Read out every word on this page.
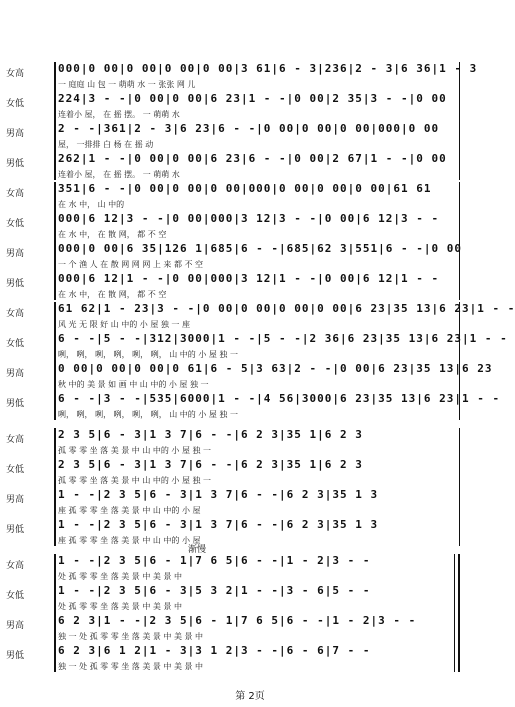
女高	000|0 00|0 00|0 00|0 00|3 61|6 - 3|236|2 - 3|6 36|1 - 3
一 庭庭 山 包 一 萌萌 水 一 张张 网 儿
女低	224|3 - -|0 00|0 00|6 23|1 - -|0 00|2 35|3 - -|0 00
连着小 屋， 在 摇 摆。 一 萌萌 水
男高	2 - -|361|2 - 3|6 23|6 - -|0 00|0 00|0 00|000|0 00
屋， 一排排 白 杨 在 摇 动
男低	262|1 - -|0 00|0 00|6 23|6 - -|0 00|2 67|1 - -|0 00
连着小 屋， 在 摇 摆。 一 萌萌 水
女高	351|6 - -|0 00|0 00|0 00|000|0 00|0 00|0 00|61 61
在 水 中， 山 中的
女低	000|6 12|3 - -|0 00|000|3 12|3 - -|0 00|6 12|3 - -
在 水 中， 在 散 网， 都 不 空
男高	000|0 00|6 35|126 1|685|6 - -|685|62 3|551|6 - -|0 00
一 个 渔 人 在 散 网 网 网 上 来 都 不 空
男低	000|6 12|1 - -|0 00|000|3 12|1 - -|0 00|6 12|1 - -
在 水 中， 在 散 网， 都 不 空
女高	61 62|1 - 23|3 - -|0 00|0 00|0 00|0 00|6 23|35 13|6 23|1 - -
风 光 无 限 好 山 中的 小 屋 独 一 座
女低	6 - -|5 - -|312|3000|1 - -|5 - -|2 36|6 23|35 13|6 23|1 - -
咧， 咧， 咧， 咧， 咧， 咧， 山 中的 小 屋 独 一
男高	0 00|0 00|0 00|0 61|6 - 5|3 63|2 - -|0 00|6 23|35 13|6 23
秋 中的 美 景 如 画 中 山 中的 小 屋 独 一
男低	6 - -|3 - -|535|6000|1 - -|4 56|3000|6 23|35 13|6 23|1 - -
咧， 咧， 咧， 咧， 咧， 咧， 山 中的 小 屋 独 一
女高	2 3 5|6 - 3|1 3 7|6 - -|6 2 3|35 1|6 2 3
孤 零 零 坐 落 美 景 中 山 中的 小 屋 独 一
女低	2 3 5|6 - 3|1 3 7|6 - -|6 2 3|35 1|6 2 3
孤 零 零 坐 落 美 景 中 山 中的 小 屋 独 一
男高	1 - -|2 3 5|6 - 3|1 3 7|6 - -|6 2 3|35 1 3
座 孤 零 零 坐 落 美 景 中 山 中的 小 屋
男低	1 - -|2 3 5|6 - 3|1 3 7|6 - -|6 2 3|35 1 3
座 孤 零 零 坐 落 美 景 中 山 中的 小 屋
渐慢
女高	1 - -|2 3 5|6 - 1|7 6 5|6 - -|1 - 2|3 - -
处 孤 零 零 坐 落 美 景 中 美 景 中
女低	1 - -|2 3 5|6 - 3|5 3 2|1 - -|3 - 6|5 - -
处 孤 零 零 坐 落 美 景 中 美 景 中
男高	6 2 3|1 - -|2 3 5|6 - 1|7 6 5|6 - -|1 - 2|3 - -
独 一 处 孤 零 零 坐 落 美 景 中 美 景 中
男低	6 2 3|6 1 2|1 - 3|3 1 2|3 - -|6 - 6|7 - -
独 一 处 孤 零 零 坐 落 美 景 中 美 景 中
第 2页
